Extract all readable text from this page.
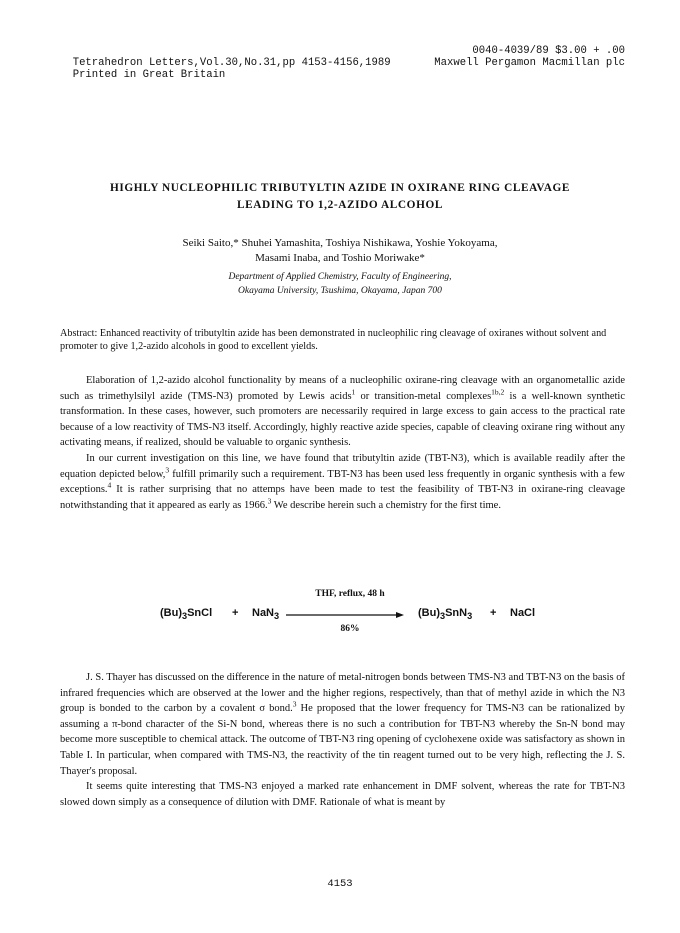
Tetrahedron Letters,Vol.30,No.31,pp 4153-4156,1989

0040-4039/89 $3.00 + .00

Printed in Great Britain

Maxwell Pergamon Macmillan plc

HIGHLY NUCLEOPHILIC TRIBUTYLTIN AZIDE IN OXIRANE RING CLEAVAGE
LEADING TO 1,2-AZIDO ALCOHOL
Seiki Saito,* Shuhei Yamashita, Toshiya Nishikawa, Yoshie Yokoyama,
Masami Inaba, and Toshio Moriwake*
Department of Applied Chemistry, Faculty of Engineering,
Okayama University, Tsushima, Okayama, Japan 700
Abstract: Enhanced reactivity of tributyltin azide has been demonstrated in nucleophilic ring cleavage of oxiranes without solvent and promoter to give 1,2-azido alcohols in good to excellent yields.

Elaboration of 1,2-azido alcohol functionality by means of a nucleophilic oxirane-ring cleavage with an organometallic azide such as trimethylsilyl azide (TMS-N3) promoted by Lewis acids$^1$ or transition-metal complexes$^{1b,2}$ is a well-known synthetic transformation. In these cases, however, such promoters are necessarily required in large excess to gain access to the practical rate because of a low reactivity of TMS-N3 itself. Accordingly, highly reactive azide species, capable of cleaving oxirane ring without any activating means, if realized, should be valuable to organic synthesis.

In our current investigation on this line, we have found that tributyltin azide (TBT-N3), which is available readily after the equation depicted below,$^3$ fulfill primarily such a requirement. TBT-N3 has been used less frequently in organic synthesis with a few exceptions.$^4$ It is rather surprising that no attemps have been made to test the feasibility of TBT-N3 in oxirane-ring cleavage notwithstanding that it appeared as early as 1966.$^3$ We describe herein such a chemistry for the first time.

$(Bu)_3SnCl + NaN_3$
THF, reflux, 48 h
86%
$(Bu)_3SnN_3$ + NaCl

J. S. Thayer has discussed on the difference in the nature of metal-nitrogen bonds between TMS-N3 and TBT-N3 on the basis of infrared frequencies which are observed at the lower and the higher regions, respectively, than that of methyl azide in which the N3 group is bonded to the carbon by a covalent σ bond.$^3$ He proposed that the lower frequency for TMS-N3 can be rationalized by assuming a π-bond character of the Si-N bond, whereas there is no such a contribution for TBT-N3 whereby the Sn-N bond may become more susceptible to chemical attack. The outcome of TBT-N3 ring opening of cyclohexene oxide was satisfactory as shown in Table I. In particular, when compared with TMS-N3, the reactivity of the tin reagent turned out to be very high, reflecting the J. S. Thayer's proposal.

It seems quite interesting that TMS-N3 enjoyed a marked rate enhancement in DMF solvent, whereas the rate for TBT-N3 slowed down simply as a consequence of dilution with DMF. Rationale of what is meant by

4153
